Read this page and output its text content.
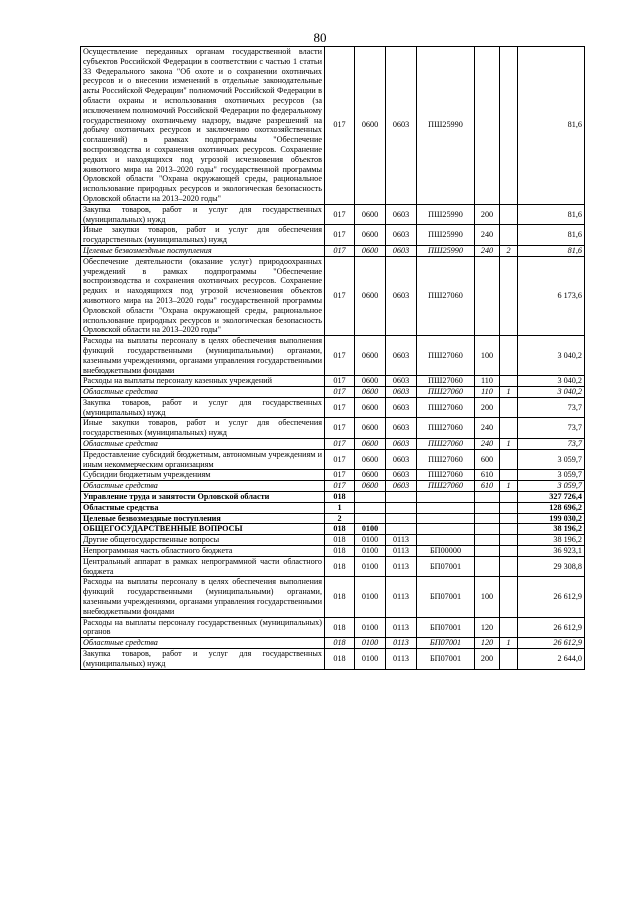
80
Осуществление переданных органам государственной власти субъектов Российской Федерации в соответствии с частью 1 статьи 33 Федерального закона "Об охоте и о сохранении охотничьих ресурсов и о внесении изменений в отдельные законодательные акты Российской Федерации" полномочий Российской Федерации в области охраны и использования охотничьих ресурсов (за исключением полномочий Российской Федерации по федеральному государственному охотничьему надзору, выдаче разрешений на добычу охотничьих ресурсов и заключению охотхозяйственных соглашений) в рамках подпрограммы "Обеспечение воспроизводства и сохранения охотничьих ресурсов. Сохранение редких и находящихся под угрозой исчезновения объектов животного мира на 2013–2020 годы" государственной программы Орловской области "Охрана окружающей среды, рациональное использование природных ресурсов и экологическая безопасность Орловской области на 2013–2020 годы"	017	0600	0603	ПШ25990			81,6
Закупка товаров, работ и услуг для государственных (муниципальных) нужд	017	0600	0603	ПШ25990	200		81,6
Иные закупки товаров, работ и услуг для обеспечения государственных (муниципальных) нужд	017	0600	0603	ПШ25990	240		81,6
Целевые безвозмездные поступления	017	0600	0603	ПШ25990	240	2	81,6
Обеспечение деятельности (оказание услуг) природоохранных учреждений в рамках подпрограммы "Обеспечение воспроизводства и сохранения охотничьих ресурсов. Сохранение редких и находящихся под угрозой исчезновения объектов животного мира на 2013–2020 годы" государственной программы Орловской области "Охрана окружающей среды, рациональное использование природных ресурсов и экологическая безопасность Орловской области на 2013–2020 годы"	017	0600	0603	ПШ27060			6 173,6
Расходы на выплаты персоналу в целях обеспечения выполнения функций государственными (муниципальными) органами, казенными учреждениями, органами управления государственными внебюджетными фондами	017	0600	0603	ПШ27060	100		3 040,2
Расходы на выплаты персоналу казенных учреждений	017	0600	0603	ПШ27060	110		3 040,2
Областные средства	017	0600	0603	ПШ27060	110	1	3 040,2
Закупка товаров, работ и услуг для государственных (муниципальных) нужд	017	0600	0603	ПШ27060	200		73,7
Иные закупки товаров, работ и услуг для обеспечения государственных (муниципальных) нужд	017	0600	0603	ПШ27060	240		73,7
Областные средства	017	0600	0603	ПШ27060	240	1	73,7
Предоставление субсидий бюджетным, автономным учреждениям и иным некоммерческим организациям	017	0600	0603	ПШ27060	600		3 059,7
Субсидии бюджетным учреждениям	017	0600	0603	ПШ27060	610		3 059,7
Областные средства	017	0600	0603	ПШ27060	610	1	3 059,7
Управление труда и занятости Орловской области	018						327 726,4
Областные средства	1						128 696,2
Целевые безвозмездные поступления	2						199 030,2
ОБЩЕГОСУДАРСТВЕННЫЕ ВОПРОСЫ	018	0100					38 196,2
Другие общегосударственные вопросы	018	0100	0113				38 196,2
Непрограммная часть областного бюджета	018	0100	0113	БП00000			36 923,1
Центральный аппарат в рамках непрограммной части областного бюджета	018	0100	0113	БП07001			29 308,8
Расходы на выплаты персоналу в целях обеспечения выполнения функций государственными (муниципальными) органами, казенными учреждениями, органами управления государственными внебюджетными фондами	018	0100	0113	БП07001	100		26 612,9
Расходы на выплаты персоналу государственных (муниципальных) органов	018	0100	0113	БП07001	120		26 612,9
Областные средства	018	0100	0113	БП07001	120	1	26 612,9
Закупка товаров, работ и услуг для государственных (муниципальных) нужд	018	0100	0113	БП07001	200		2 644,0
